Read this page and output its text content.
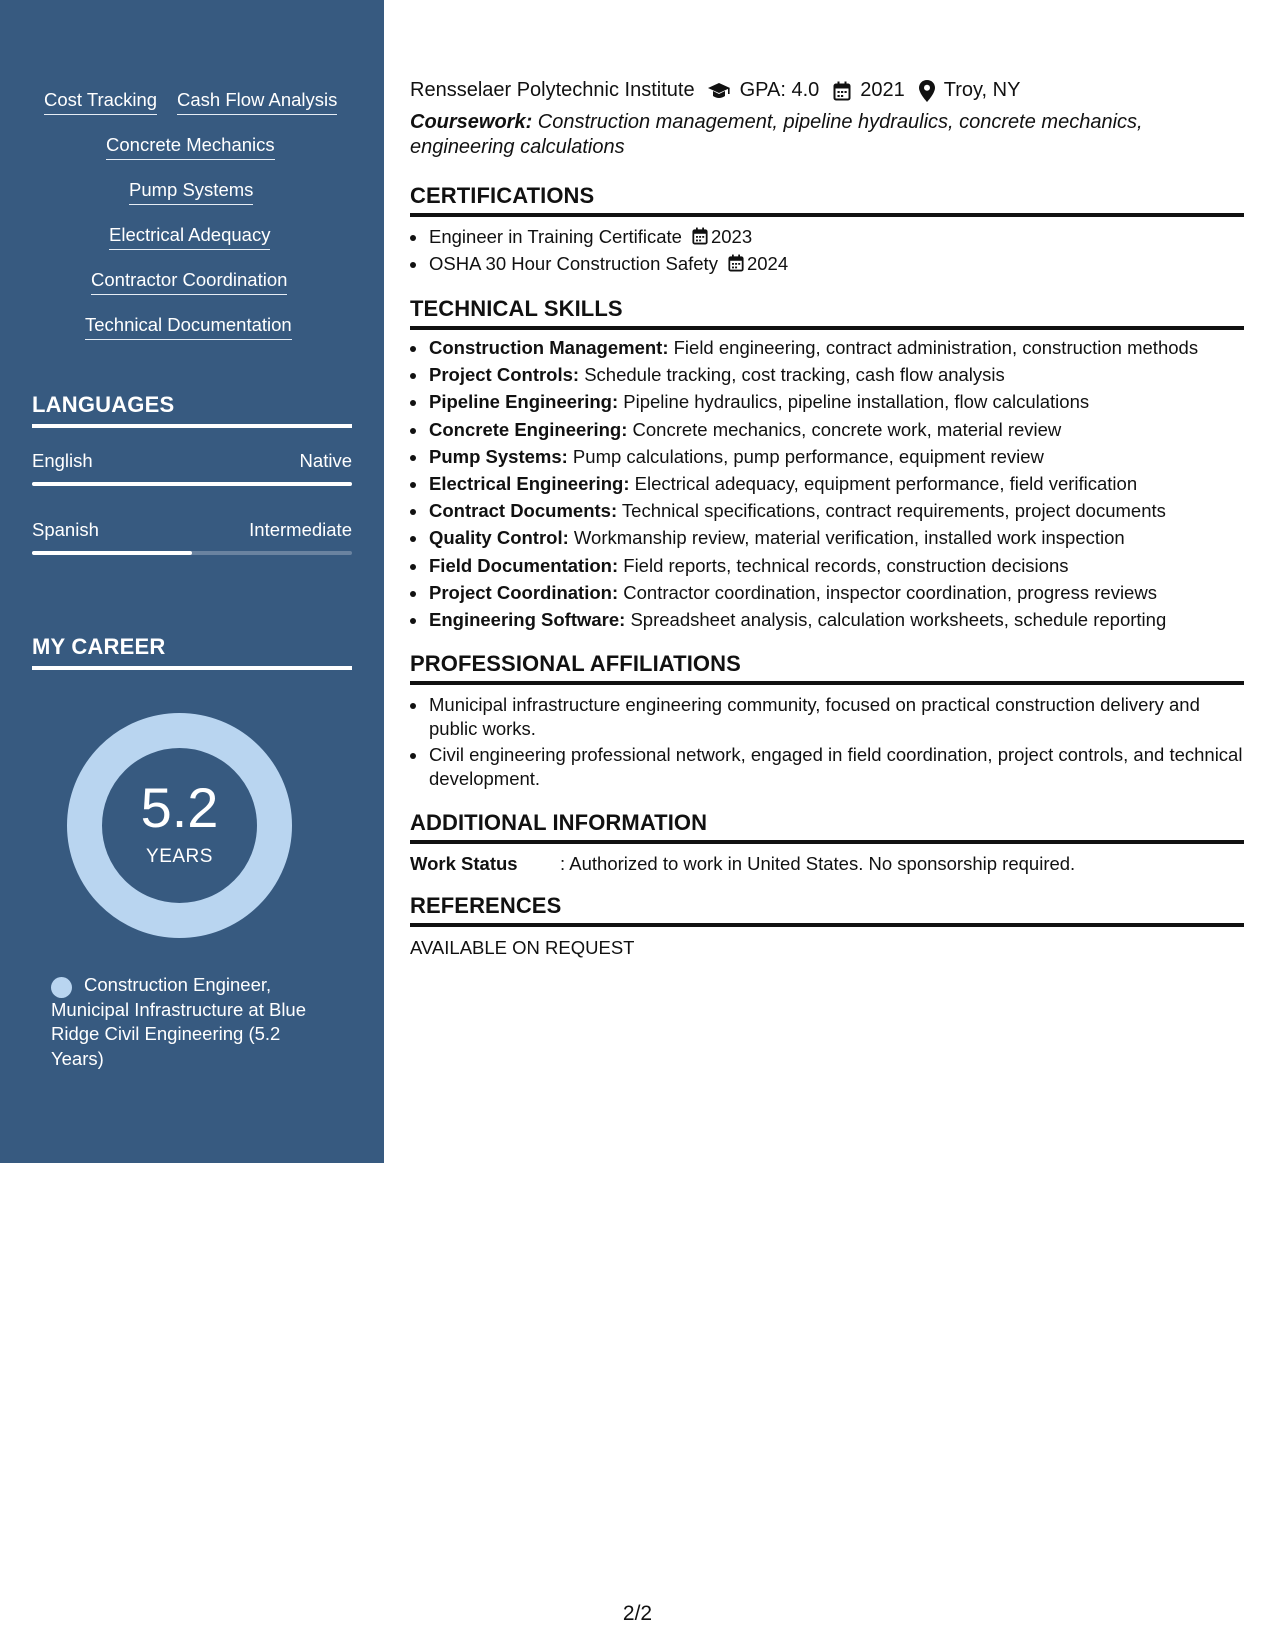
Cost Tracking Cash Flow Analysis
Concrete Mechanics
Pump Systems
Electrical Adequacy
Contractor Coordination
Technical Documentation
LANGUAGES
English	Native
Spanish	Intermediate
MY CAREER
5.2
YEARS
Construction Engineer, Municipal Infrastructure at Blue Ridge Civil Engineering (5.2 Years)
Rensselaer Polytechnic Institute GPA: 4.0 2021 Troy, NY
Coursework: Construction management, pipeline hydraulics, concrete mechanics, engineering calculations
CERTIFICATIONS
Engineer in Training Certificate 2023
OSHA 30 Hour Construction Safety 2024
TECHNICAL SKILLS
Construction Management: Field engineering, contract administration, construction methods
Project Controls: Schedule tracking, cost tracking, cash flow analysis
Pipeline Engineering: Pipeline hydraulics, pipeline installation, flow calculations
Concrete Engineering: Concrete mechanics, concrete work, material review
Pump Systems: Pump calculations, pump performance, equipment review
Electrical Engineering: Electrical adequacy, equipment performance, field verification
Contract Documents: Technical specifications, contract requirements, project documents
Quality Control: Workmanship review, material verification, installed work inspection
Field Documentation: Field reports, technical records, construction decisions
Project Coordination: Contractor coordination, inspector coordination, progress reviews
Engineering Software: Spreadsheet analysis, calculation worksheets, schedule reporting
PROFESSIONAL AFFILIATIONS
Municipal infrastructure engineering community, focused on practical construction delivery and public works.
Civil engineering professional network, engaged in field coordination, project controls, and technical development.
ADDITIONAL INFORMATION
Work Status : Authorized to work in United States. No sponsorship required.
REFERENCES
AVAILABLE ON REQUEST
2/2
